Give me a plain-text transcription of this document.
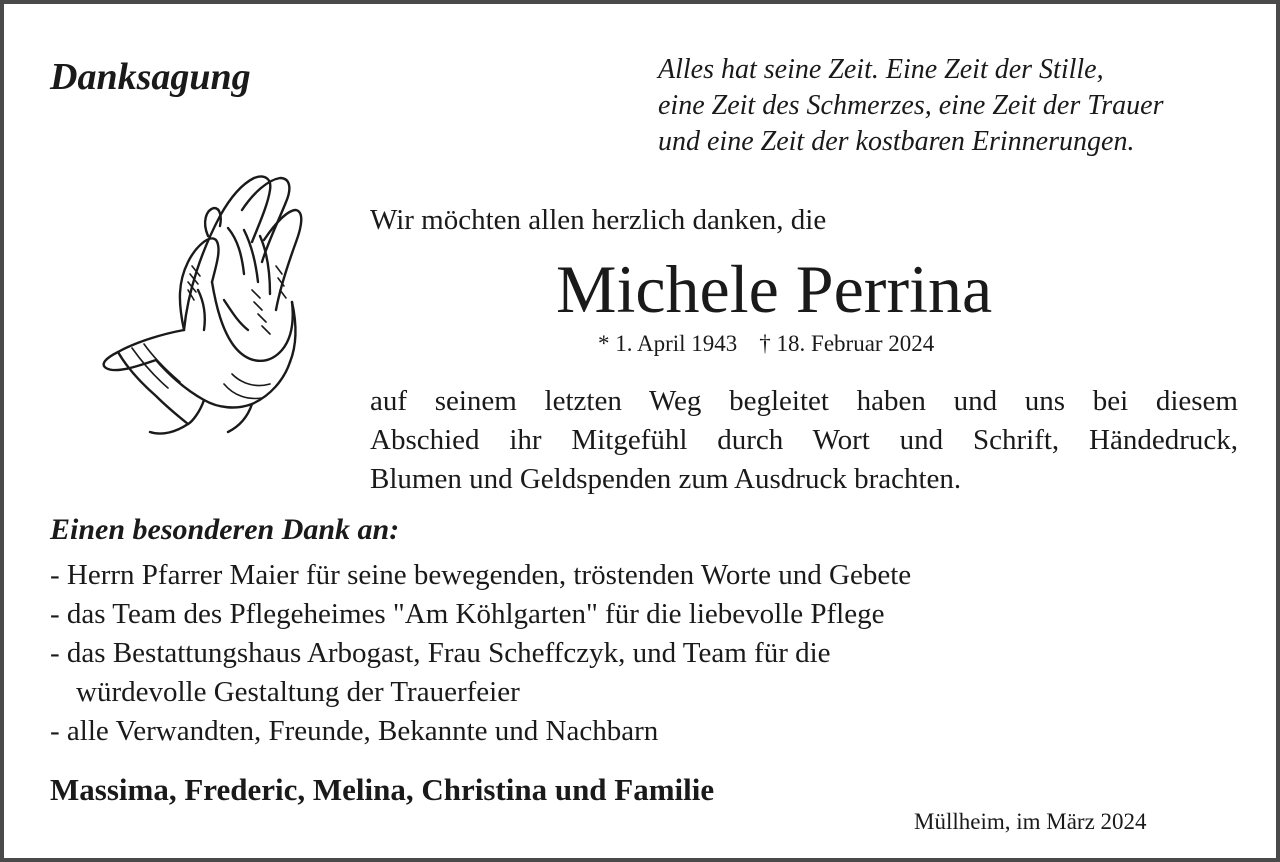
Danksagung	Alles hat seine Zeit. Eine Zeit der Stille,
eine Zeit des Schmerzes, eine Zeit der Trauer
und eine Zeit der kostbaren Erinnerungen.

Wir möchten allen herzlich danken, die

Michele Perrina
* 1. April 1943 † 18. Februar 2024
auf seinem letzten Weg begleitet haben und uns bei diesem
Abschied ihr Mitgefühl durch Wort und Schrift, Händedruck,
Blumen und Geldspenden zum Ausdruck brachten.
Einen besonderen Dank an:
- Herrn Pfarrer Maier für seine bewegenden, tröstenden Worte und Gebete
- das Team des Pflegeheimes "Am Köhlgarten" für die liebevolle Pflege
- das Bestattungshaus Arbogast, Frau Scheffczyk, und Team für die
würdevolle Gestaltung der Trauerfeier
- alle Verwandten, Freunde, Bekannte und Nachbarn

Massima, Frederic, Melina, Christina und Familie

Müllheim, im März 2024
